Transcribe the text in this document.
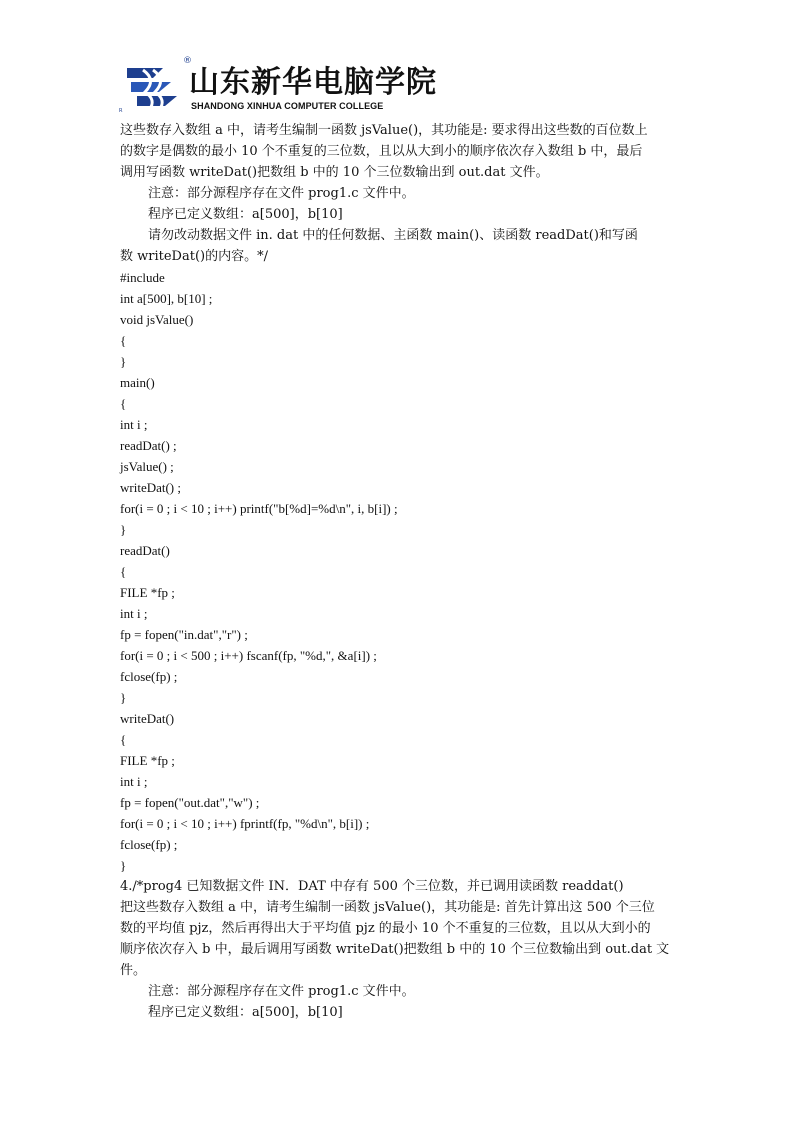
®
R
山东新华电脑学院
SHANDONG XINHUA COMPUTER COLLEGE
这些数存入数组 a 中，请考生编制一函数 jsValue()，其功能是: 要求得出这些数的百位数上
的数字是偶数的最小 10 个不重复的三位数，且以从大到小的顺序依次存入数组 b 中，最后
调用写函数 writeDat()把数组 b 中的 10 个三位数输出到 out.dat 文件。
注意：部分源程序存在文件 prog1.c 文件中。
程序已定义数组：a[500]，b[10]
请勿改动数据文件 in. dat 中的任何数据、主函数 main()、读函数 readDat()和写函
数 writeDat()的内容。*/
#include
int a[500], b[10] ;
void jsValue()
{
}
main()
{
int i ;
readDat() ;
jsValue() ;
writeDat() ;
for(i = 0 ; i < 10 ; i++) printf("b[%d]=%d\n", i, b[i]) ;
}
readDat()
{
FILE *fp ;
int i ;
fp = fopen("in.dat","r") ;
for(i = 0 ; i < 500 ; i++) fscanf(fp, "%d,", &a[i]) ;
fclose(fp) ;
}
writeDat()
{
FILE *fp ;
int i ;
fp = fopen("out.dat","w") ;
for(i = 0 ; i < 10 ; i++) fprintf(fp, "%d\n", b[i]) ;
fclose(fp) ;
}
4./*prog4 已知数据文件 IN．DAT 中存有 500 个三位数，并已调用读函数 readdat()
把这些数存入数组 a 中，请考生编制一函数 jsValue()，其功能是: 首先计算出这 500 个三位
数的平均值 pjz，然后再得出大于平均值 pjz 的最小 10 个不重复的三位数，且以从大到小的
顺序依次存入 b 中，最后调用写函数 writeDat()把数组 b 中的 10 个三位数输出到 out.dat 文
件。
注意：部分源程序存在文件 prog1.c 文件中。
程序已定义数组：a[500]，b[10]
